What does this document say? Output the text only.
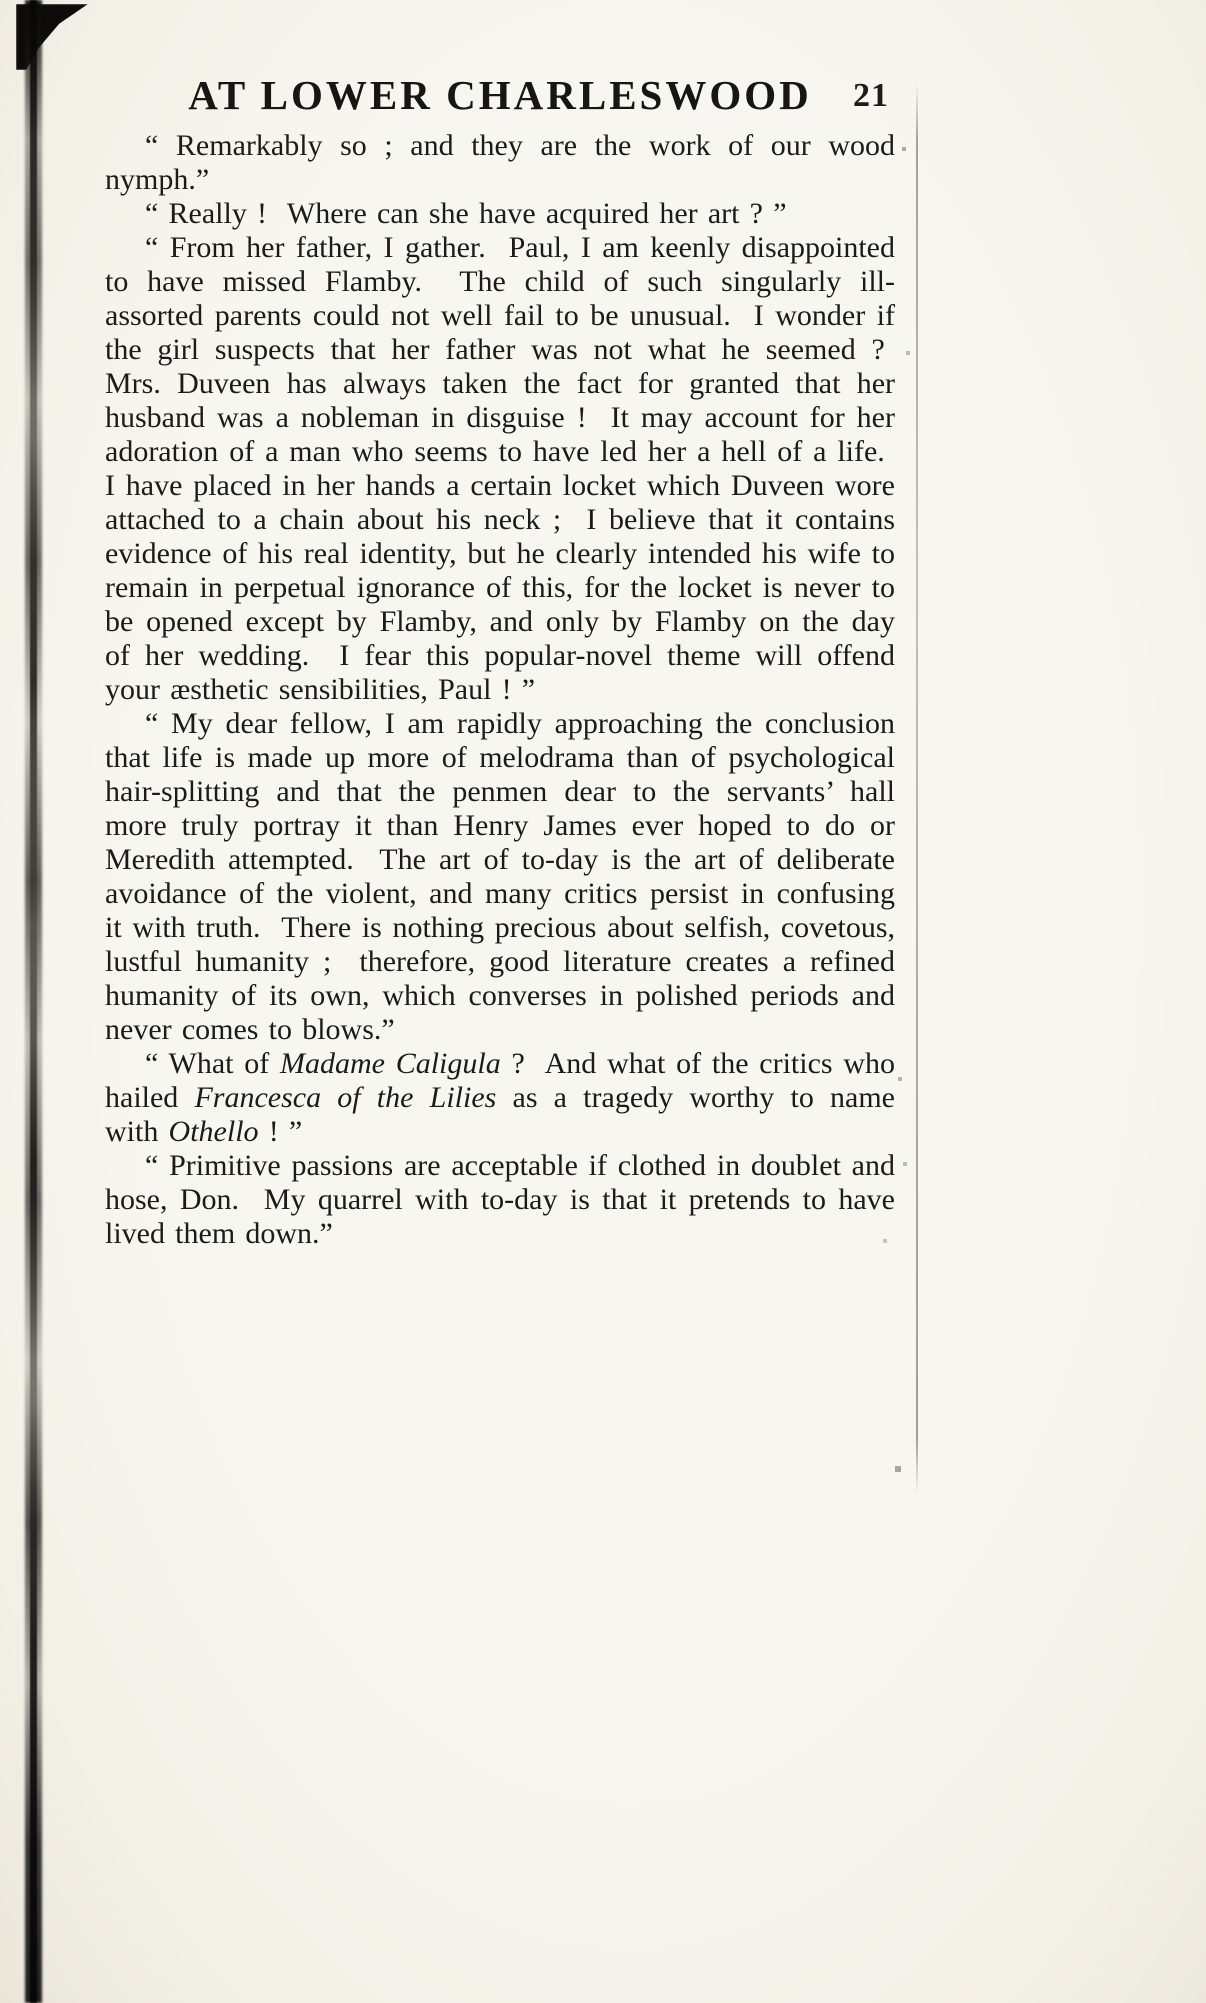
AT LOWER CHARLESWOOD 21

“ Remarkably so ; and they are the work of our wood nymph.”

“ Really !  Where can she have acquired her art ? ”

“ From her father, I gather.  Paul, I am keenly disappointed to have missed Flamby.  The child of such singularly ill-assorted parents could not well fail to be unusual.  I wonder if the girl suspects that her father was not what he seemed ?  Mrs. Duveen has always taken the fact for granted that her husband was a nobleman in disguise !  It may account for her adoration of a man who seems to have led her a hell of a life.  I have placed in her hands a certain locket which Duveen wore attached to a chain about his neck ;  I believe that it contains evidence of his real identity, but he clearly intended his wife to remain in perpetual ignorance of this, for the locket is never to be opened except by Flamby, and only by Flamby on the day of her wedding.  I fear this popular-novel theme will offend your æsthetic sensibilities, Paul ! ”

“ My dear fellow, I am rapidly approaching the conclusion that life is made up more of melodrama than of psychological hair-splitting and that the penmen dear to the servants’ hall more truly portray it than Henry James ever hoped to do or Meredith attempted.  The art of to-day is the art of deliberate avoidance of the violent, and many critics persist in confusing it with truth.  There is nothing precious about selfish, covetous, lustful humanity ;  therefore, good literature creates a refined humanity of its own, which converses in polished periods and never comes to blows.”

“ What of Madame Caligula ?  And what of the critics who hailed Francesca of the Lilies as a tragedy worthy to name with Othello ! ”

“ Primitive passions are acceptable if clothed in doublet and hose, Don.  My quarrel with to-day is that it pretends to have lived them down.”
